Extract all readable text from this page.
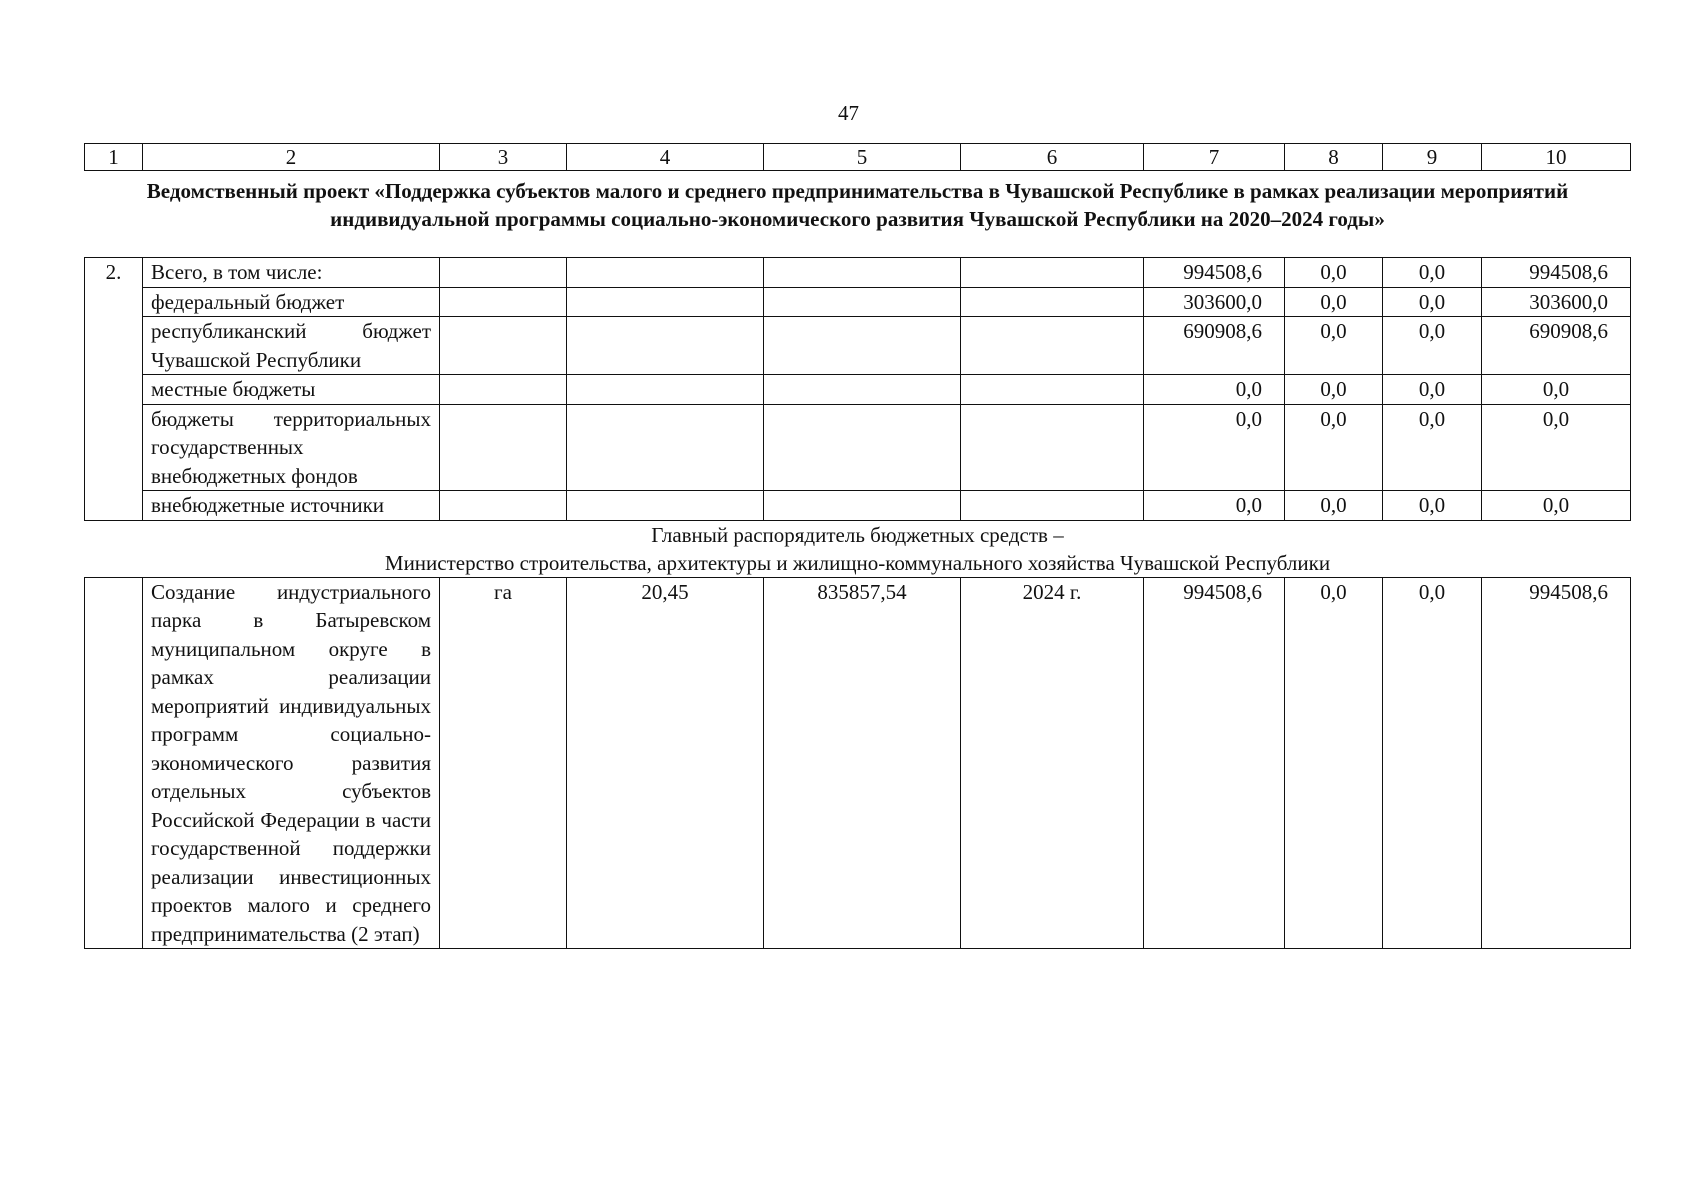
47
1	2	3	4	5	6	7	8	9	10
Ведомственный проект «Поддержка субъектов малого и среднего предпринимательства в Чувашской Республике в рамках реализации мероприятий индивидуальной программы социально-экономического развития Чувашской Республики на 2020–2024 годы»									
2.	Всего, в том числе:					994508,6	0,0	0,0	994508,6
	федеральный бюджет					303600,0	0,0	0,0	303600,0
	республиканский бюджет Чувашской Республики					690908,6	0,0	0,0	690908,6
	местные бюджеты					0,0	0,0	0,0	0,0
	бюджеты территориальных государственных внебюджетных фондов					0,0	0,0	0,0	0,0
	внебюджетные источники					0,0	0,0	0,0	0,0

Главный распорядитель бюджетных средств –
Министерство строительства, архитектуры и жилищно-коммунального хозяйства Чувашской Республики									

	Создание индустриального парка в Батыревском муниципальном округе в рамках реализации мероприятий индивидуальных программ социально-экономического развития отдельных субъектов Российской Федерации в части государственной поддержки реализации инвестиционных проектов малого и среднего предпринимательства (2 этап)	га	20,45	835857,54	2024 г.	994508,6	0,0	0,0	994508,6
